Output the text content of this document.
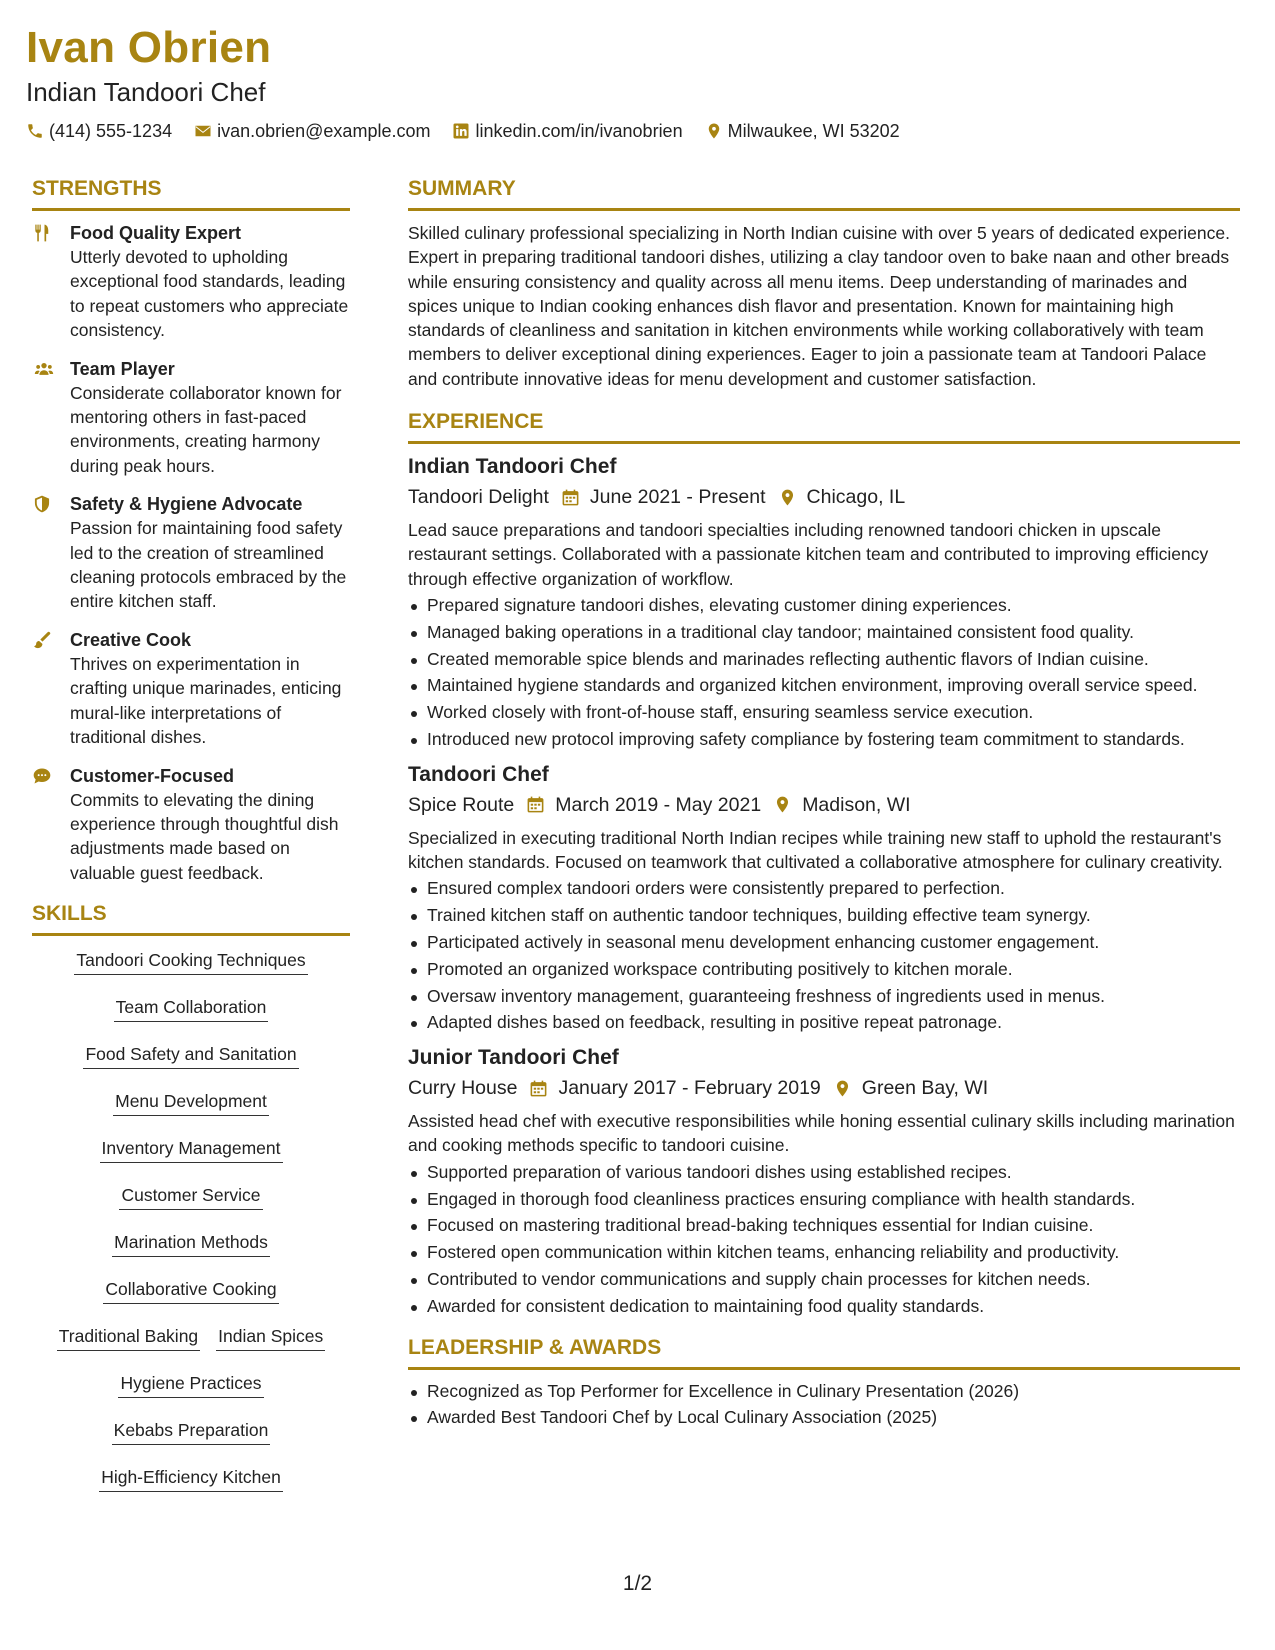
Ivan Obrien
Indian Tandoori Chef
(414) 555-1234	ivan.obrien@example.com	linkedin.com/in/ivanobrien	Milwaukee, WI 53202
STRENGTHS
Food Quality Expert
Utterly devoted to upholding exceptional food standards, leading to repeat customers who appreciate consistency.
Team Player
Considerate collaborator known for mentoring others in fast-paced environments, creating harmony during peak hours.
Safety & Hygiene Advocate
Passion for maintaining food safety led to the creation of streamlined cleaning protocols embraced by the entire kitchen staff.
Creative Cook
Thrives on experimentation in crafting unique marinades, enticing mural-like interpretations of traditional dishes.
Customer-Focused
Commits to elevating the dining experience through thoughtful dish adjustments made based on valuable guest feedback.
SKILLS
Tandoori Cooking Techniques
Team Collaboration
Food Safety and Sanitation
Menu Development
Inventory Management
Customer Service
Marination Methods
Collaborative Cooking
Traditional Baking Indian Spices
Hygiene Practices
Kebabs Preparation
High-Efficiency Kitchen
SUMMARY
Skilled culinary professional specializing in North Indian cuisine with over 5 years of dedicated experience. Expert in preparing traditional tandoori dishes, utilizing a clay tandoor oven to bake naan and other breads while ensuring consistency and quality across all menu items. Deep understanding of marinades and spices unique to Indian cooking enhances dish flavor and presentation. Known for maintaining high standards of cleanliness and sanitation in kitchen environments while working collaboratively with team members to deliver exceptional dining experiences. Eager to join a passionate team at Tandoori Palace and contribute innovative ideas for menu development and customer satisfaction.
EXPERIENCE
Indian Tandoori Chef
Tandoori Delight June 2021 - Present Chicago, IL
Lead sauce preparations and tandoori specialties including renowned tandoori chicken in upscale restaurant settings. Collaborated with a passionate kitchen team and contributed to improving efficiency through effective organization of workflow.
Prepared signature tandoori dishes, elevating customer dining experiences.
Managed baking operations in a traditional clay tandoor; maintained consistent food quality.
Created memorable spice blends and marinades reflecting authentic flavors of Indian cuisine.
Maintained hygiene standards and organized kitchen environment, improving overall service speed.
Worked closely with front-of-house staff, ensuring seamless service execution.
Introduced new protocol improving safety compliance by fostering team commitment to standards.
Tandoori Chef
Spice Route March 2019 - May 2021 Madison, WI
Specialized in executing traditional North Indian recipes while training new staff to uphold the restaurant's kitchen standards. Focused on teamwork that cultivated a collaborative atmosphere for culinary creativity.
Ensured complex tandoori orders were consistently prepared to perfection.
Trained kitchen staff on authentic tandoor techniques, building effective team synergy.
Participated actively in seasonal menu development enhancing customer engagement.
Promoted an organized workspace contributing positively to kitchen morale.
Oversaw inventory management, guaranteeing freshness of ingredients used in menus.
Adapted dishes based on feedback, resulting in positive repeat patronage.
Junior Tandoori Chef
Curry House January 2017 - February 2019 Green Bay, WI
Assisted head chef with executive responsibilities while honing essential culinary skills including marination and cooking methods specific to tandoori cuisine.
Supported preparation of various tandoori dishes using established recipes.
Engaged in thorough food cleanliness practices ensuring compliance with health standards.
Focused on mastering traditional bread-baking techniques essential for Indian cuisine.
Fostered open communication within kitchen teams, enhancing reliability and productivity.
Contributed to vendor communications and supply chain processes for kitchen needs.
Awarded for consistent dedication to maintaining food quality standards.
LEADERSHIP & AWARDS
Recognized as Top Performer for Excellence in Culinary Presentation (2026)
Awarded Best Tandoori Chef by Local Culinary Association (2025)
1/2
